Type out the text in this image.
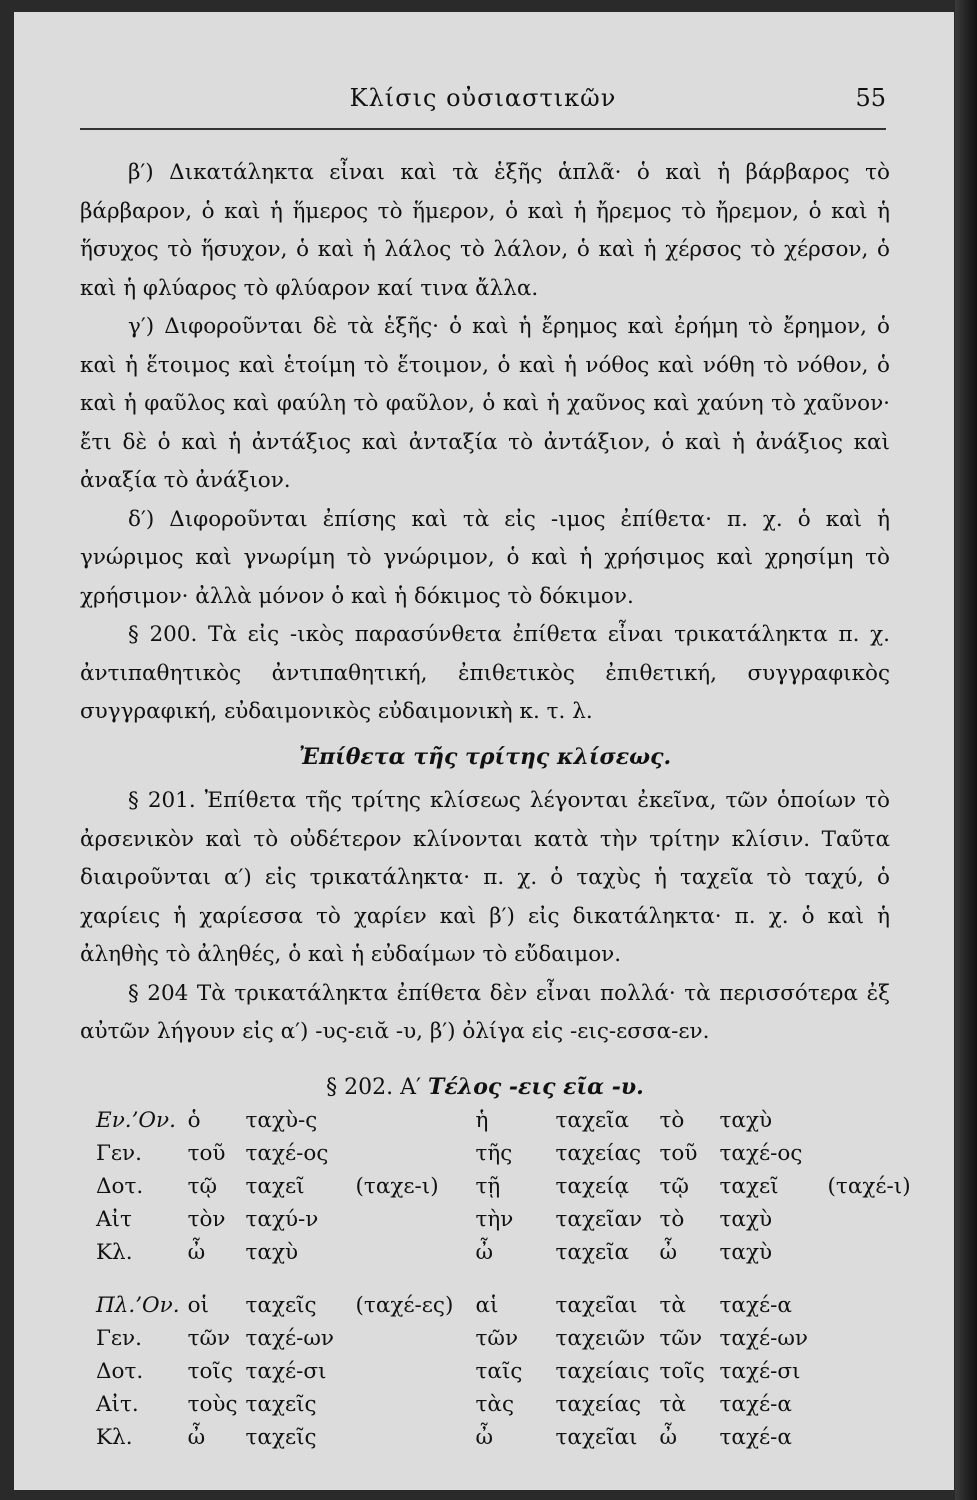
Κλίσις οὐσιαστικῶν	55

β′) Δικατάληκτα εἶναι καὶ τὰ ἑξῆς ἁπλᾶ· ὁ καὶ ἡ βάρβαρος τὸ βάρβαρον, ὁ καὶ ἡ ἥμερος τὸ ἥμερον, ὁ καὶ ἡ ἤρεμος τὸ ἤρεμον, ὁ καὶ ἡ ἥσυχος τὸ ἥσυχον, ὁ καὶ ἡ λάλος τὸ λάλον, ὁ καὶ ἡ χέρσος τὸ χέρσον, ὁ καὶ ἡ φλύαρος τὸ φλύαρον καί τινα ἄλλα.

γ′) Διφοροῦνται δὲ τὰ ἑξῆς· ὁ καὶ ἡ ἔρημος καὶ ἐρήμη τὸ ἔρημον, ὁ καὶ ἡ ἕτοιμος καὶ ἑτοίμη τὸ ἕτοιμον, ὁ καὶ ἡ νόθος καὶ νόθη τὸ νόθον, ὁ καὶ ἡ φαῦλος καὶ φαύλη τὸ φαῦλον, ὁ καὶ ἡ χαῦνος καὶ χαύνη τὸ χαῦνον· ἔτι δὲ ὁ καὶ ἡ ἀντάξιος καὶ ἀνταξία τὸ ἀντάξιον, ὁ καὶ ἡ ἀνάξιος καὶ ἀναξία τὸ ἀνάξιον.

δ′) Διφοροῦνται ἐπίσης καὶ τὰ εἰς -ιμος ἐπίθετα· π. χ. ὁ καὶ ἡ γνώριμος καὶ γνωρίμη τὸ γνώριμον, ὁ καὶ ἡ χρήσιμος καὶ χρησίμη τὸ χρήσιμον· ἀλλὰ μόνον ὁ καὶ ἡ δόκιμος τὸ δόκιμον.

§ 200. Τὰ εἰς -ικὸς παρασύνθετα ἐπίθετα εἶναι τρικατάληκτα π. χ. ἀντιπαθητικὸς ἀντιπαθητική, ἐπιθετικὸς ἐπιθετική, συγγραφικὸς συγγραφική, εὐδαιμονικὸς εὐδαιμονικὴ κ. τ. λ.

Ἐπίθετα τῆς τρίτης κλίσεως.

§ 201. Ἐπίθετα τῆς τρίτης κλίσεως λέγονται ἐκεῖνα, τῶν ὁποίων τὸ ἀρσενικὸν καὶ τὸ οὐδέτερον κλίνονται κατὰ τὴν τρίτην κλίσιν. Ταῦτα διαιροῦνται α′) εἰς τρικατάληκτα· π. χ. ὁ ταχὺς ἡ ταχεῖα τὸ ταχύ, ὁ χαρίεις ἡ χαρίεσσα τὸ χαρίεν καὶ β′) εἰς δικατάληκτα· π. χ. ὁ καὶ ἡ ἀληθὴς τὸ ἀληθές, ὁ καὶ ἡ εὐδαίμων τὸ εὔδαιμον.

§ 204 Τὰ τρικατάληκτα ἐπίθετα δὲν εἶναι πολλά· τὰ περισσότερα ἐξ αὐτῶν λήγουν εἰς α′) -υς-ειᾰ -υ, β′) ὀλίγα εἰς -εις-εσσα-εν.

§ 202. Α′ Τέλος -εις εῖα -υ.
Εν.’Ον.	ὁ	ταχὺ-ς		ἡ	ταχεῖα	τὸ	ταχὺ	
Γεν.	τοῦ	ταχέ-ος		τῆς	ταχείας	τοῦ	ταχέ-ος	
Δοτ.	τῷ	ταχεῖ	(ταχε-ι)	τῇ	ταχείᾳ	τῷ	ταχεῖ	(ταχέ-ι)
Αἰτ	τὸν	ταχύ-ν		τὴν	ταχεῖαν	τὸ	ταχὺ	
Κλ.	ὦ	ταχὺ		ὦ	ταχεῖα	ὦ	ταχὺ	

Πλ.’Ον.	οἱ	ταχεῖς	(ταχέ-ες)	αἱ	ταχεῖαι	τὰ	ταχέ-α	
Γεν.	τῶν	ταχέ-ων		τῶν	ταχειῶν	τῶν	ταχέ-ων	
Δοτ.	τοῖς	ταχέ-σι		ταῖς	ταχείαις	τοῖς	ταχέ-σι	
Αἰτ.	τοὺς	ταχεῖς		τὰς	ταχείας	τὰ	ταχέ-α	
Κλ.	ὦ	ταχεῖς		ὦ	ταχεῖαι	ὦ	ταχέ-α	
